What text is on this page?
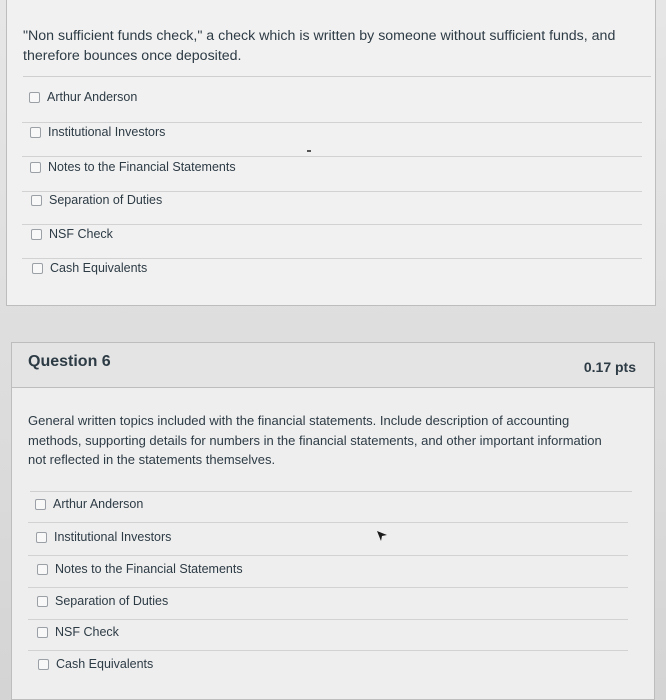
"Non sufficient funds check," a check which is written by someone without sufficient funds, and therefore bounces once deposited.
Arthur Anderson
Institutional Investors
Notes to the Financial Statements
Separation of Duties
NSF Check
Cash Equivalents
Question 6	0.17 pts
General written topics included with the financial statements. Include description of accounting methods, supporting details for numbers in the financial statements, and other important information not reflected in the statements themselves.
Arthur Anderson
Institutional Investors
Notes to the Financial Statements
Separation of Duties
NSF Check
Cash Equivalents
